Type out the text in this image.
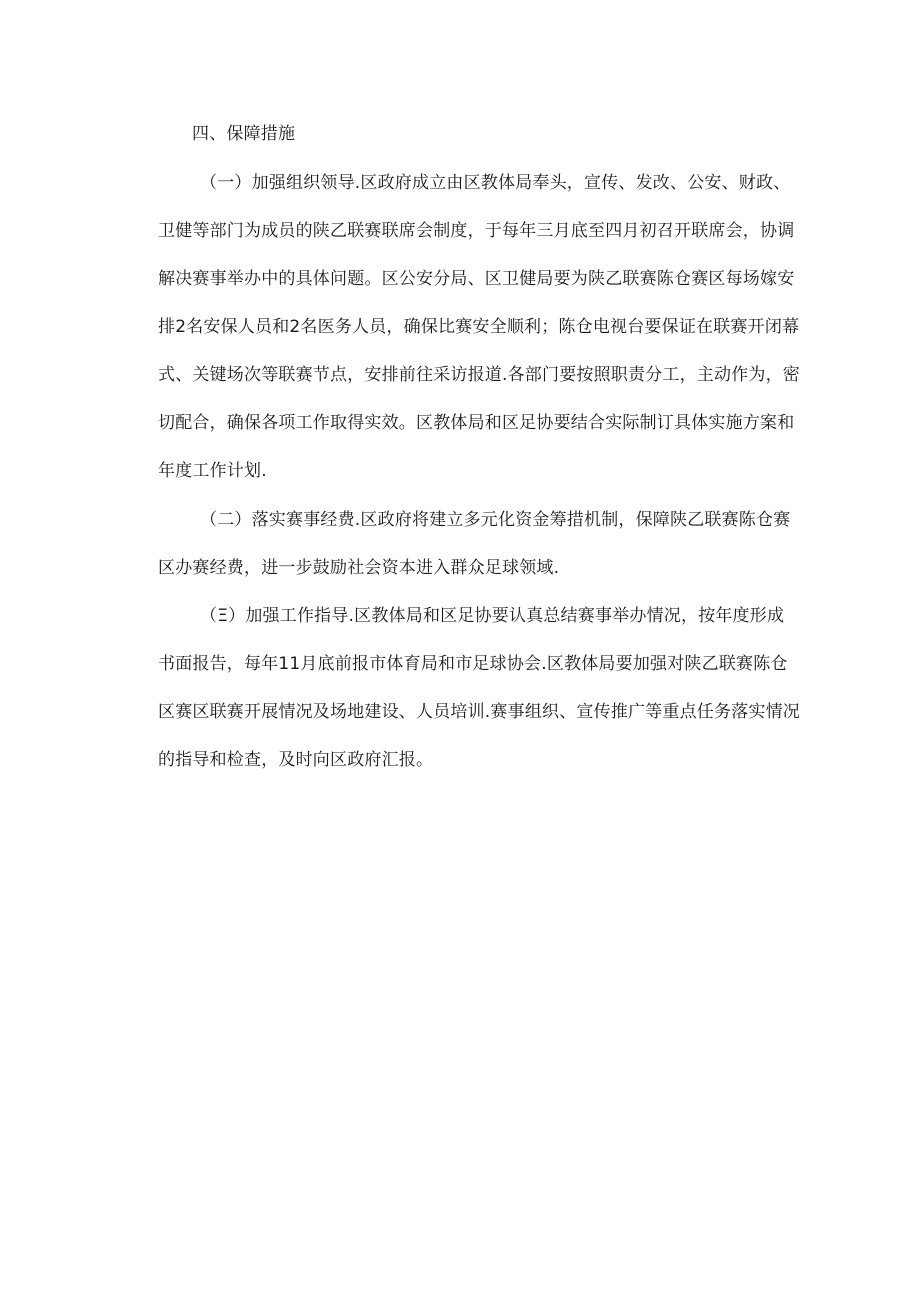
四、保障措施
（一）加强组织领导.区政府成立由区教体局奉头，宣传、发改、公安、财政、
卫健等部门为成员的陕乙联赛联席会制度，于每年三月底至四月初召开联席会，协调
解决赛事举办中的具体问题。区公安分局、区卫健局要为陕乙联赛陈仓赛区每场嫁安
排2名安保人员和2名医务人员，确保比赛安全顺利；陈仓电视台要保证在联赛开闭幕
式、关键场次等联赛节点，安排前往采访报道.各部门要按照职责分工，主动作为，密
切配合，确保各项工作取得实效。区教体局和区足协要结合实际制订具体实施方案和
年度工作计划.
（二）落实赛事经费.区政府将建立多元化资金筹措机制，保障陕乙联赛陈仓赛
区办赛经费，进一步鼓励社会资本进入群众足球领域.
（Ξ）加强工作指导.区教体局和区足协要认真总结赛事举办情况，按年度形成
书面报告，每年11月底前报市体育局和市足球协会.区教体局要加强对陕乙联赛陈仓
区赛区联赛开展情况及场地建设、人员培训.赛事组织、宣传推广等重点任务落实情况
的指导和检查，及时向区政府汇报。
